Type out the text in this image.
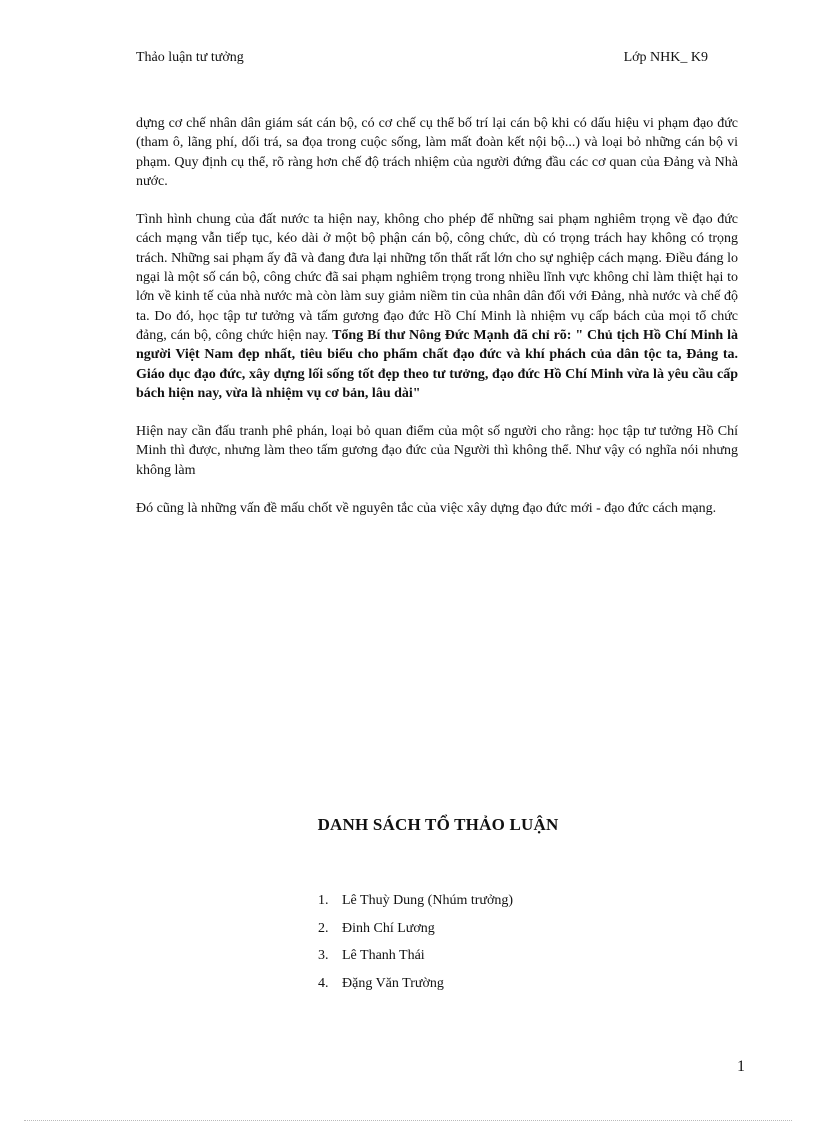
Thảo luận tư tưởng	Lớp NHK_ K9

dựng cơ chế nhân dân giám sát cán bộ, có cơ chế cụ thể bố trí lại cán bộ khi có dấu hiệu vi phạm đạo đức (tham ô, lãng phí, dối trá, sa đọa trong cuộc sống, làm mất đoàn kết nội bộ...) và loại bỏ những cán bộ vi phạm. Quy định cụ thể, rõ ràng hơn chế độ trách nhiệm của người đứng đầu các cơ quan của Đảng và Nhà nước.

Tình hình chung của đất nước ta hiện nay, không cho phép để những sai phạm nghiêm trọng về đạo đức cách mạng vẫn tiếp tục, kéo dài ở một bộ phận cán bộ, công chức, dù có trọng trách hay không có trọng trách. Những sai phạm ấy đã và đang đưa lại những tổn thất rất lớn cho sự nghiệp cách mạng. Điều đáng lo ngại là một số cán bộ, công chức đã sai phạm nghiêm trọng trong nhiều lĩnh vực không chỉ làm thiệt hại to lớn về kinh tế của nhà nước mà còn làm suy giảm niềm tin của nhân dân đối với Đảng, nhà nước và chế độ ta. Do đó, học tập tư tưởng và tấm gương đạo đức Hồ Chí Minh là nhiệm vụ cấp bách của mọi tổ chức đảng, cán bộ, công chức hiện nay. Tổng Bí thư Nông Đức Mạnh đã chỉ rõ: " Chủ tịch Hồ Chí Minh là người Việt Nam đẹp nhất, tiêu biểu cho phẩm chất đạo đức và khí phách của dân tộc ta, Đảng ta. Giáo dục đạo đức, xây dựng lối sống tốt đẹp theo tư tưởng, đạo đức Hồ Chí Minh vừa là yêu cầu cấp bách hiện nay, vừa là nhiệm vụ cơ bản, lâu dài"

Hiện nay cần đấu tranh phê phán, loại bỏ quan điểm của một số người cho rằng: học tập tư tưởng Hồ Chí Minh thì được, nhưng làm theo tấm gương đạo đức của Người thì không thể. Như vậy có nghĩa nói nhưng không làm

Đó cũng là những vấn đề mấu chốt về nguyên tắc của việc xây dựng đạo đức mới - đạo đức cách mạng.

DANH SÁCH TỔ THẢO LUẬN
1. Lê Thuỳ Dung (Nhúm trưởng)
2. Đinh Chí Lương
3. Lê Thanh Thái
4. Đặng Văn Trường
1
